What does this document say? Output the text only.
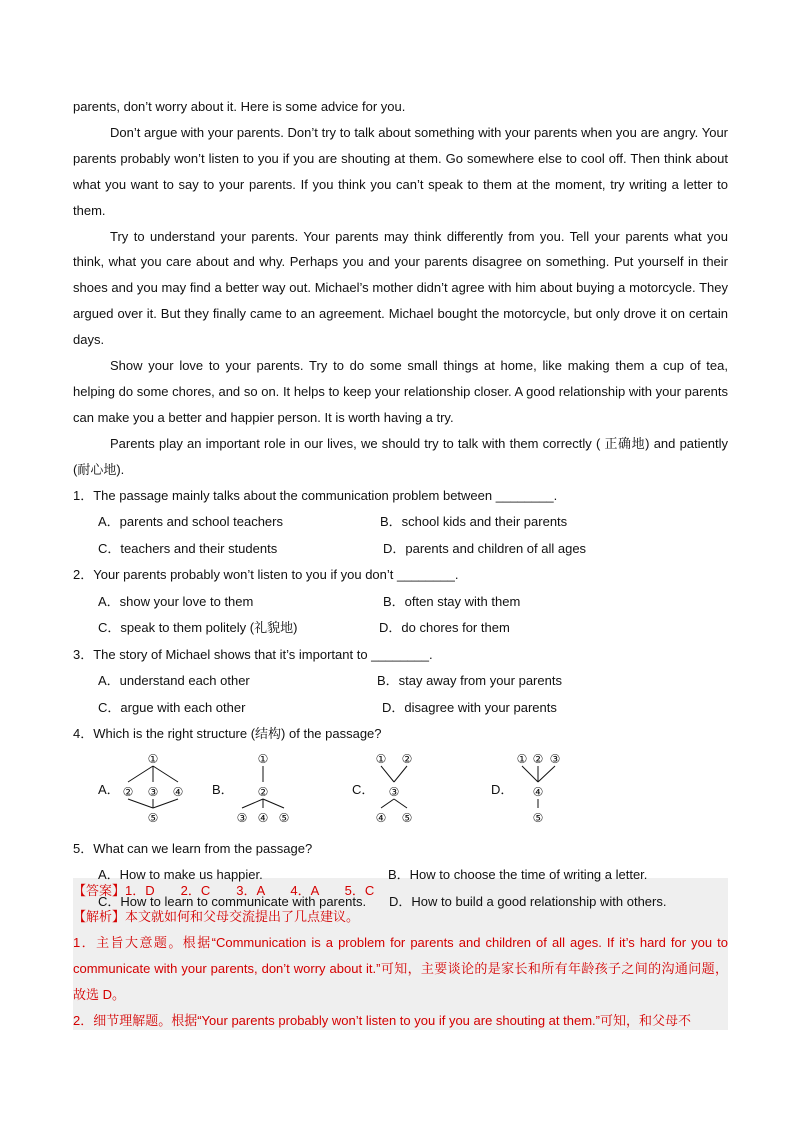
parents, don’t worry about it. Here is some advice for you.

Don’t argue with your parents. Don’t try to talk about something with your parents when you are angry. Your parents probably won’t listen to you if you are shouting at them. Go somewhere else to cool off. Then think about what you want to say to your parents. If you think you can’t speak to them at the moment, try writing a letter to them.

Try to understand your parents. Your parents may think differently from you. Tell your parents what you think, what you care about and why. Perhaps you and your parents disagree on something. Put yourself in their shoes and you may find a better way out. Michael’s mother didn’t agree with him about buying a motorcycle. They argued over it. But they finally came to an agreement. Michael bought the motorcycle, but only drove it on certain days.

Show your love to your parents. Try to do some small things at home, like making them a cup of tea, helping do some chores, and so on. It helps to keep your relationship closer. A good relationship with your parents can make you a better and happier person. It is worth having a try.

Parents play an important role in our lives, we should try to talk with them correctly ( 正确地) and patiently (耐心地).

1．The passage mainly talks about the communication problem between ________.

A．parents and school teachers	B．school kids and their parents
C．teachers and their students	D．parents and children of all ages

2．Your parents probably won’t listen to you if you don’t ________.

A．show your love to them	B．often stay with them
C．speak to them politely (礼貌地)	D．do chores for them

3．The story of Michael shows that it’s important to ________.

A．understand each other	B．stay away from your parents
C．argue with each other	D．disagree with your parents

4．Which is the right structure (结构) of the passage?

A．
①
② ③ ④
⑤
B．
①
②
③ ④ ⑤
C．
① ②
③
④ ⑤
D．
① ② ③
④
⑤

5．What can we learn from the passage?

A．How to make us happier.	B．How to choose the time of writing a letter.
C．How to learn to communicate with parents. D．How to build a good relationship with others.

【答案】1．D　　2．C　　3．A　　4．A　　5．C

【解析】本文就如何和父母交流提出了几点建议。

1．主旨大意题。根据“Communication is a problem for parents and children of all ages. If it’s hard for you to communicate with your parents, don’t worry about it.”可知，主要谈论的是家长和所有年龄孩子之间的沟通问题，故选 D。

2．细节理解题。根据“Your parents probably won’t listen to you if you are shouting at them.”可知，和父母不
